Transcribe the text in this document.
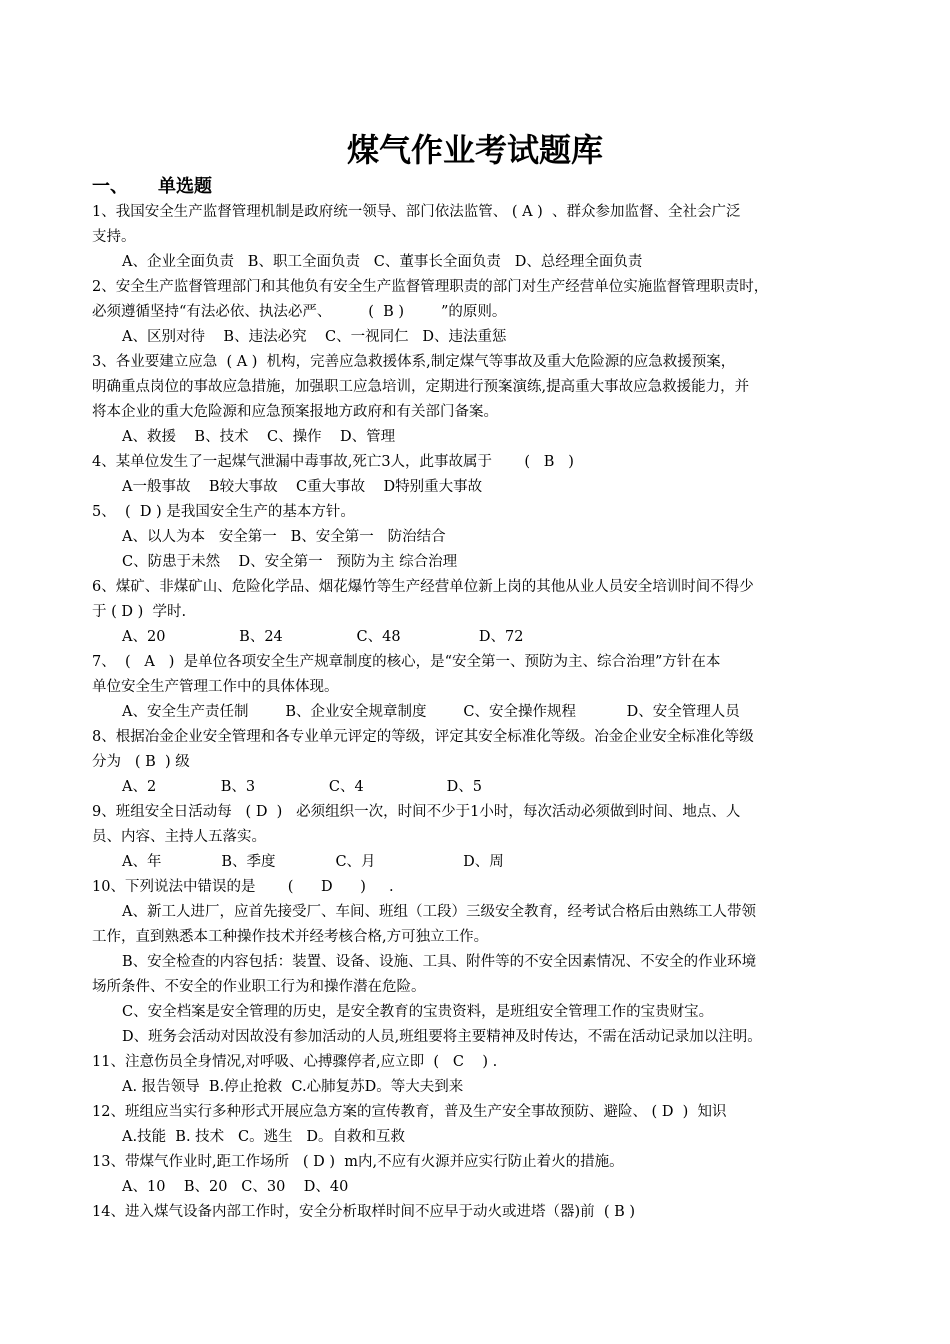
煤气作业考试题库
一、 单选题
1、我国安全生产监督管理机制是政府统一领导、部门依法监管、 ( A )  、群众参加监督、全社会广泛
支持。
A、企业全面负责   B、职工全面负责   C、董事长全面负责   D、总经理全面负责
2、安全生产监督管理部门和其他负有安全生产监督管理职责的部门对生产经营单位实施监督管理职责时，
必须遵循坚持“有法必依、执法必严、        (  B )        ”的原则。
A、区别对待    B、违法必究    C、一视同仁   D、违法重惩
3、各业要建立应急  ( A )  机构，完善应急救援体系,制定煤气等事故及重大危险源的应急救援预案，
明确重点岗位的事故应急措施，加强职工应急培训，定期进行预案演练,提高重大事故应急救援能力，并
将本企业的重大危险源和应急预案报地方政府和有关部门备案。
A、救援    B、技术    C、操作    D、管理
4、某单位发生了一起煤气泄漏中毒事故,死亡3人，此事故属于       (   B   )
A一般事故    B较大事故    C重大事故    D特别重大事故
5、  (  D ) 是我国安全生产的基本方针。
A、以人为本   安全第一   B、安全第一   防治结合
C、防患于未然    D、安全第一   预防为主 综合治理
6、煤矿、非煤矿山、危险化学品、烟花爆竹等生产经营单位新上岗的其他从业人员安全培训时间不得少
于 ( D )  学时.
A、20                B、24                C、48                 D、72
7、  (   A   )  是单位各项安全生产规章制度的核心，是“安全第一、预防为主、综合治理”方针在本
单位安全生产管理工作中的具体体现。
A、安全生产责任制        B、企业安全规章制度        C、安全操作规程           D、安全管理人员
8、根据冶金企业安全管理和各专业单元评定的等级，评定其安全标准化等级。冶金企业安全标准化等级
分为   ( B  ) 级
A、2              B、3                C、4                  D、5
9、班组安全日活动每   ( D  )   必须组织一次，时间不少于1小时，每次活动必须做到时间、地点、人
员、内容、主持人五落实。
A、年             B、季度             C、月                   D、周
10、下列说法中错误的是       (      D      )     .
A、新工人进厂，应首先接受厂、车间、班组（工段）三级安全教育，经考试合格后由熟练工人带领
工作，直到熟悉本工种操作技术并经考核合格,方可独立工作。
B、安全检查的内容包括：装置、设备、设施、工具、附件等的不安全因素情况、不安全的作业环境
场所条件、不安全的作业职工行为和操作潜在危险。
C、安全档案是安全管理的历史，是安全教育的宝贵资料，是班组安全管理工作的宝贵财宝。
D、班务会活动对因故没有参加活动的人员,班组要将主要精神及时传达，不需在活动记录加以注明。
11、注意伤员全身情况,对呼吸、心搏骤停者,应立即  (   C    ) .
A. 报告领导  B.停止抢救  C.心肺复苏D。等大夫到来
12、班组应当实行多种形式开展应急方案的宣传教育，普及生产安全事故预防、避险、 ( D  )  知识
A.技能  B. 技术   C。逃生   D。自救和互救
13、带煤气作业时,距工作场所   ( D )  m内,不应有火源并应实行防止着火的措施。
A、10    B、20   C、30    D、40
14、进入煤气设备内部工作时，安全分析取样时间不应早于动火或进塔（器)前  ( B )
